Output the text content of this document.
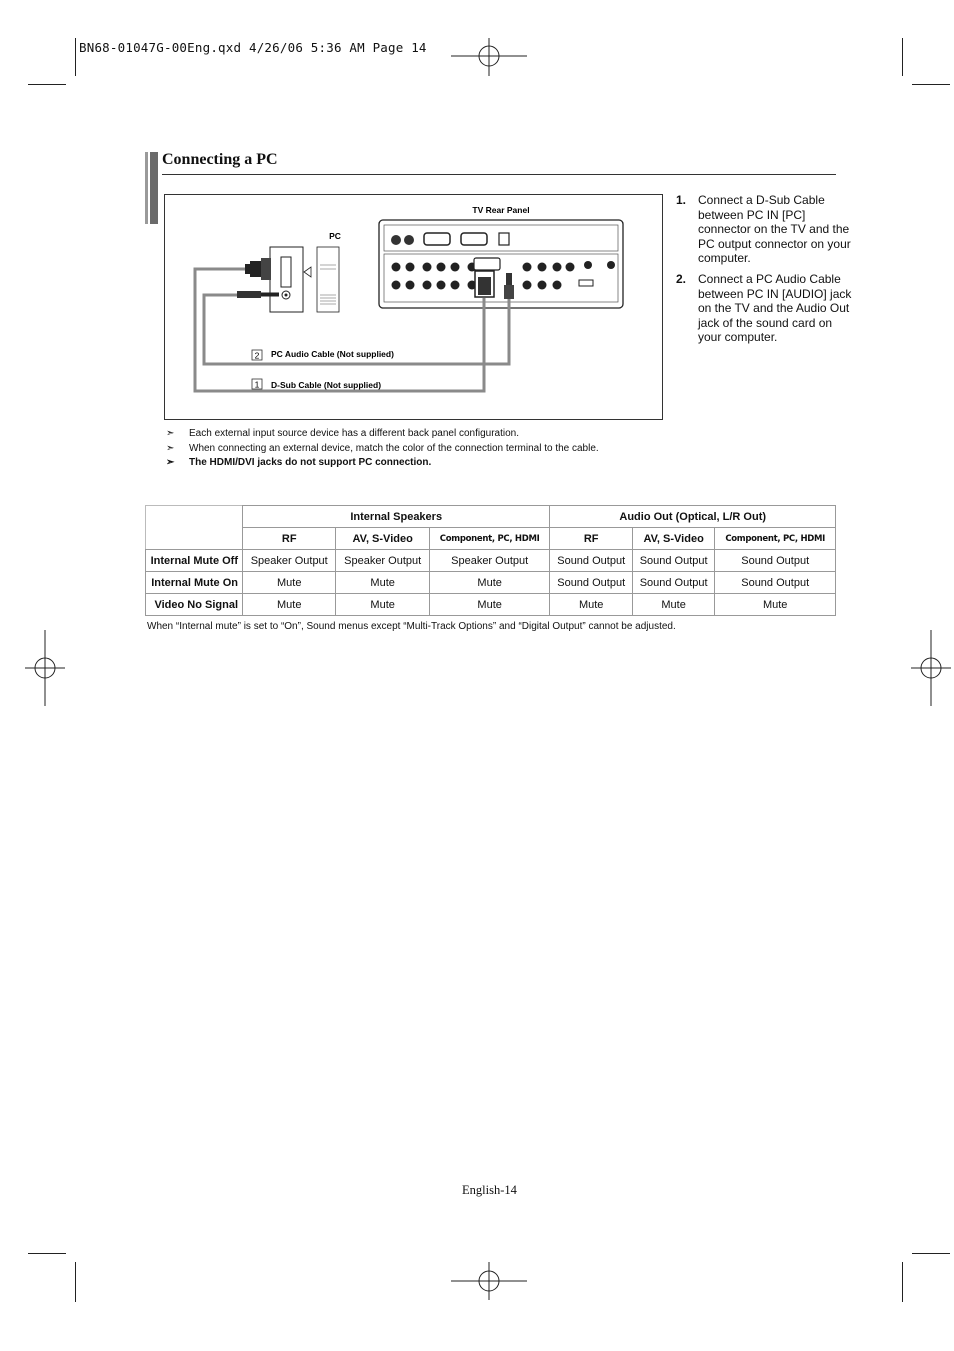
BN68-01047G-00Eng.qxd 4/26/06 5:36 AM Page 14
Connecting a PC
TV Rear Panel
PC
2 PC Audio Cable (Not supplied)
1 D-Sub Cable (Not supplied)
1. Connect a D-Sub Cable between PC IN [PC] connector on the TV and the PC output connector on your computer.
2. Connect a PC Audio Cable between PC IN [AUDIO] jack on the TV and the Audio Out jack of the sound card on your computer.
➣ Each external input source device has a different back panel configuration.
➣ When connecting an external device, match the color of the connection terminal to the cable.
➣ The HDMI/DVI jacks do not support PC connection.
	Internal Speakers			Audio Out (Optical, L/R Out)		
	RF	AV, S-Video	Component, PC, HDMI	RF	AV, S-Video	Component, PC, HDMI
Internal Mute Off	Speaker Output	Speaker Output	Speaker Output	Sound Output	Sound Output	Sound Output
Internal Mute On	Mute	Mute	Mute	Sound Output	Sound Output	Sound Output
Video No Signal	Mute	Mute	Mute	Mute	Mute	Mute
When “Internal mute” is set to “On”, Sound menus except “Multi-Track Options” and “Digital Output” cannot be adjusted.
English-14
